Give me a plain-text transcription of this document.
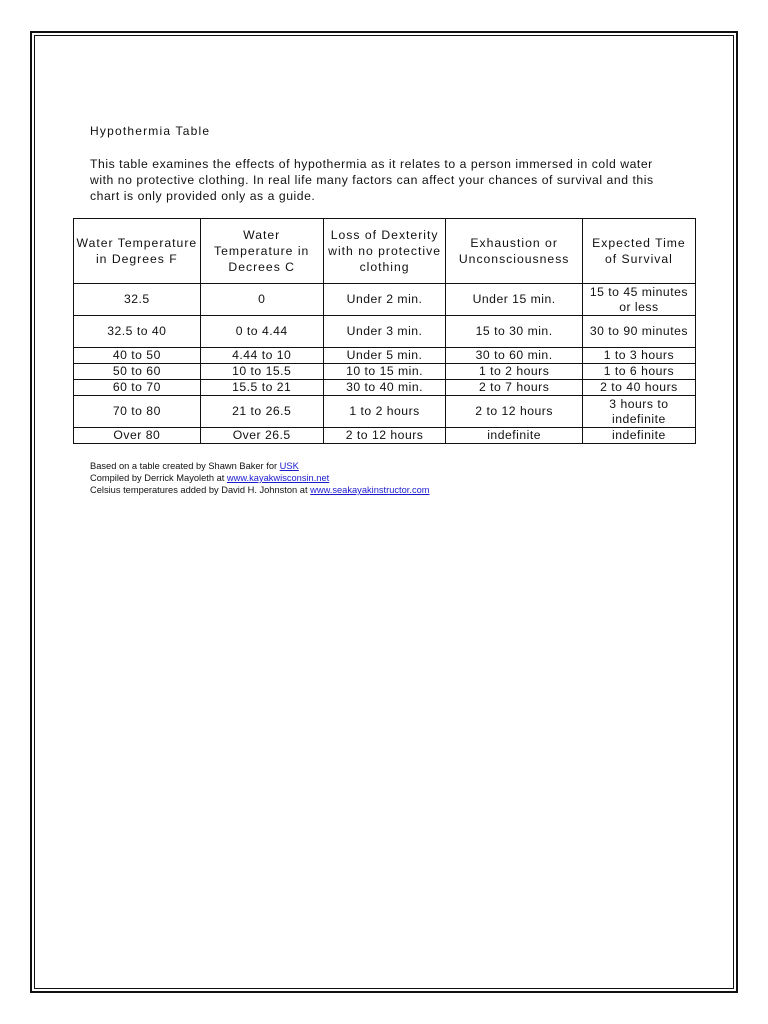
Hypothermia Table

This table examines the effects of hypothermia as it relates to a person immersed in cold water with no protective clothing. In real life many factors can affect your chances of survival and this chart is only provided only as a guide.

Water Temperature in Degrees F	Water Temperature in Decrees C	Loss of Dexterity with no protective clothing	Exhaustion or Unconsciousness	Expected Time of Survival
32.5	0	Under 2 min.	Under 15 min.	15 to 45 minutes or less
32.5 to 40	0 to 4.44	Under 3 min.	15 to 30 min.	30 to 90 minutes
40 to 50	4.44 to 10	Under 5 min.	30 to 60 min.	1 to 3 hours
50 to 60	10 to 15.5	10 to 15 min.	1 to 2 hours	1 to 6 hours
60 to 70	15.5 to 21	30 to 40 min.	2 to 7 hours	2 to 40 hours
70 to 80	21 to 26.5	1 to 2 hours	2 to 12 hours	3 hours to indefinite
Over 80	Over 26.5	2 to 12 hours	indefinite	indefinite
Based on a table created by Shawn Baker for USK
Compiled by Derrick Mayoleth at www.kayakwisconsin.net
Celsius temperatures added by David H. Johnston at www.seakayakinstructor.com
